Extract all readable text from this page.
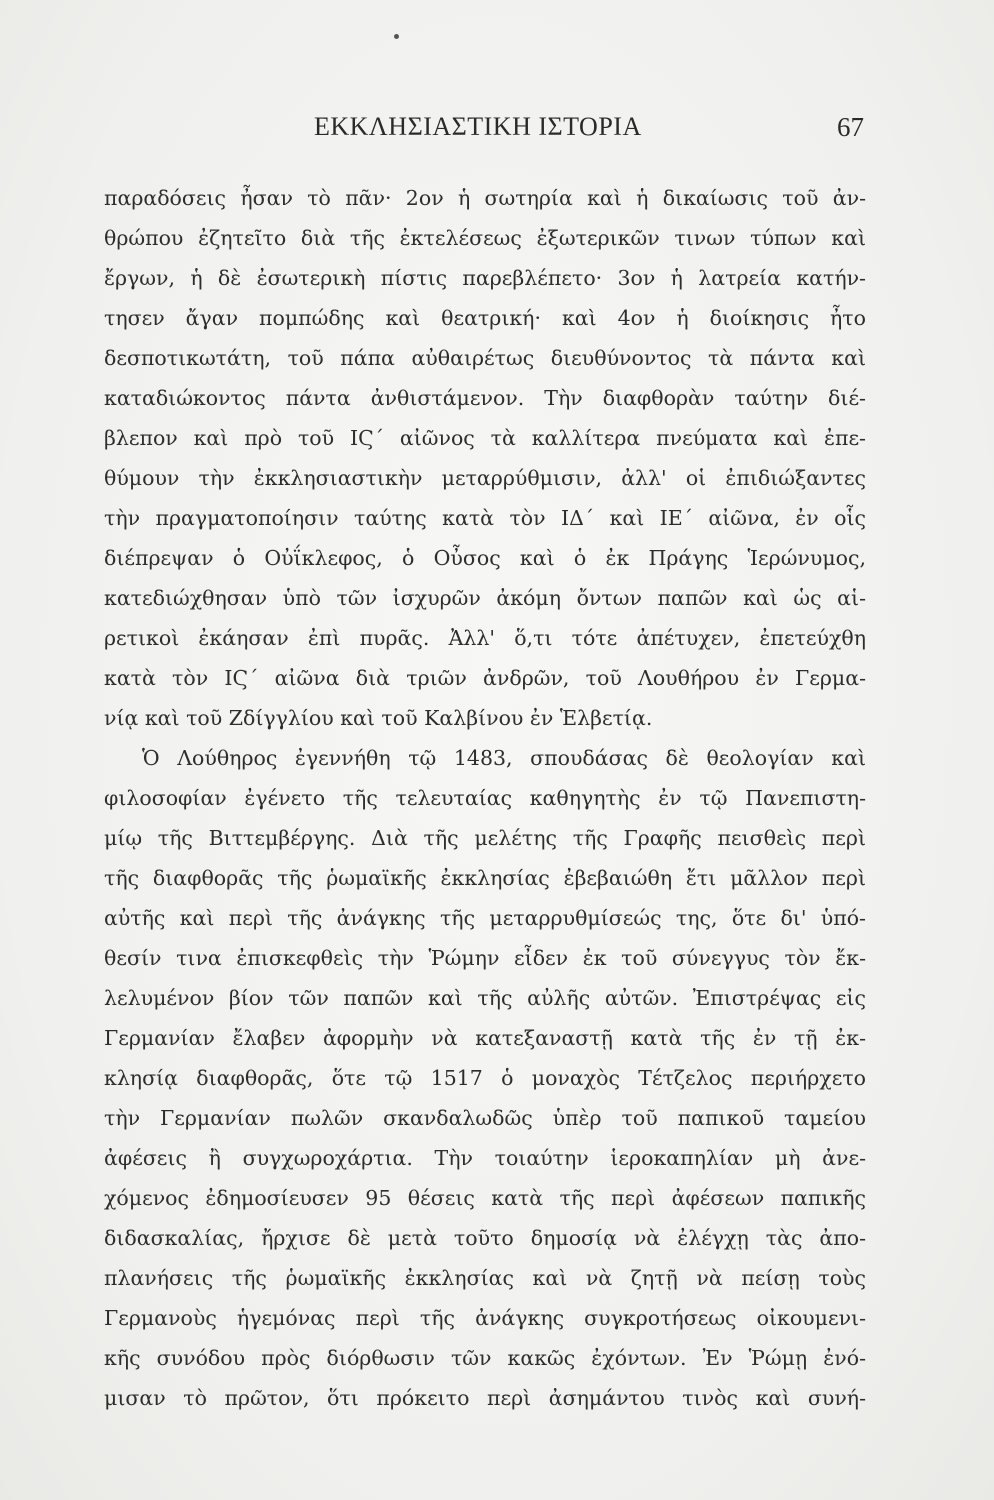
ΕΚΚΛΗΣΙΑΣΤΙΚΗ ΙΣΤΟΡΙΑ	67
παραδόσεις ἦσαν τὸ πᾶν· 2ον ἡ σωτηρία καὶ ἡ δικαίωσις τοῦ ἀν-
θρώπου ἐζητεῖτο διὰ τῆς ἐκτελέσεως ἐξωτερικῶν τινων τύπων καὶ
ἔργων, ἡ δὲ ἐσωτερικὴ πίστις παρεβλέπετο· 3ον ἡ λατρεία κατήν-
τησεν ἄγαν πομπώδης καὶ θεατρική· καὶ 4ον ἡ διοίκησις ἦτο
δεσποτικωτάτη, τοῦ πάπα αὐθαιρέτως διευθύνοντος τὰ πάντα καὶ
καταδιώκοντος πάντα ἀνθιστάμενον. Τὴν διαφθορὰν ταύτην διέ-
βλεπον καὶ πρὸ τοῦ ΙϚ´ αἰῶνος τὰ καλλίτερα πνεύματα καὶ ἐπε-
θύμουν τὴν ἐκκλησιαστικὴν μεταρρύθμισιν, ἀλλ' οἱ ἐπιδιώξαντες
τὴν πραγματοποίησιν ταύτης κατὰ τὸν ΙΔ´ καὶ ΙΕ´ αἰῶνα, ἐν οἷς
διέπρεψαν ὁ Οὐΐκλεφος, ὁ Οὖσος καὶ ὁ ἐκ Πράγης Ἱερώνυμος,
κατεδιώχθησαν ὑπὸ τῶν ἰσχυρῶν ἀκόμη ὄντων παπῶν καὶ ὡς αἱ-
ρετικοὶ ἐκάησαν ἐπὶ πυρᾶς. Ἀλλ' ὅ,τι τότε ἀπέτυχεν, ἐπετεύχθη
κατὰ τὸν ΙϚ´ αἰῶνα διὰ τριῶν ἀνδρῶν, τοῦ Λουθήρου ἐν Γερμα-
νίᾳ καὶ τοῦ Ζδίγγλίου καὶ τοῦ Καλβίνου ἐν Ἑλβετίᾳ.
Ὁ Λούθηρος ἐγεννήθη τῷ 1483, σπουδάσας δὲ θεολογίαν καὶ
φιλοσοφίαν ἐγένετο τῆς τελευταίας καθηγητὴς ἐν τῷ Πανεπιστη-
μίῳ τῆς Βιττεμβέργης. Διὰ τῆς μελέτης τῆς Γραφῆς πεισθεὶς περὶ
τῆς διαφθορᾶς τῆς ῥωμαϊκῆς ἐκκλησίας ἐβεβαιώθη ἔτι μᾶλλον περὶ
αὐτῆς καὶ περὶ τῆς ἀνάγκης τῆς μεταρρυθμίσεώς της, ὅτε δι' ὑπό-
θεσίν τινα ἐπισκεφθεὶς τὴν Ῥώμην εἶδεν ἐκ τοῦ σύνεγγυς τὸν ἔκ-
λελυμένον βίον τῶν παπῶν καὶ τῆς αὐλῆς αὐτῶν. Ἐπιστρέψας εἰς
Γερμανίαν ἔλαβεν ἀφορμὴν νὰ κατεξαναστῇ κατὰ τῆς ἐν τῇ ἐκ-
κλησίᾳ διαφθορᾶς, ὅτε τῷ 1517 ὁ μοναχὸς Τέτζελος περιήρχετο
τὴν Γερμανίαν πωλῶν σκανδαλωδῶς ὑπὲρ τοῦ παπικοῦ ταμείου
ἀφέσεις ἢ συγχωροχάρτια. Τὴν τοιαύτην ἱεροκαπηλίαν μὴ ἀνε-
χόμενος ἐδημοσίευσεν 95 θέσεις κατὰ τῆς περὶ ἀφέσεων παπικῆς
διδασκαλίας, ἤρχισε δὲ μετὰ τοῦτο δημοσίᾳ νὰ ἐλέγχῃ τὰς ἀπο-
πλανήσεις τῆς ῥωμαϊκῆς ἐκκλησίας καὶ νὰ ζητῇ νὰ πείσῃ τοὺς
Γερμανοὺς ἡγεμόνας περὶ τῆς ἀνάγκης συγκροτήσεως οἰκουμενι-
κῆς συνόδου πρὸς διόρθωσιν τῶν κακῶς ἐχόντων. Ἐν Ῥώμῃ ἐνό-
μισαν τὸ πρῶτον, ὅτι πρόκειτο περὶ ἀσημάντου τινὸς καὶ συνή-
